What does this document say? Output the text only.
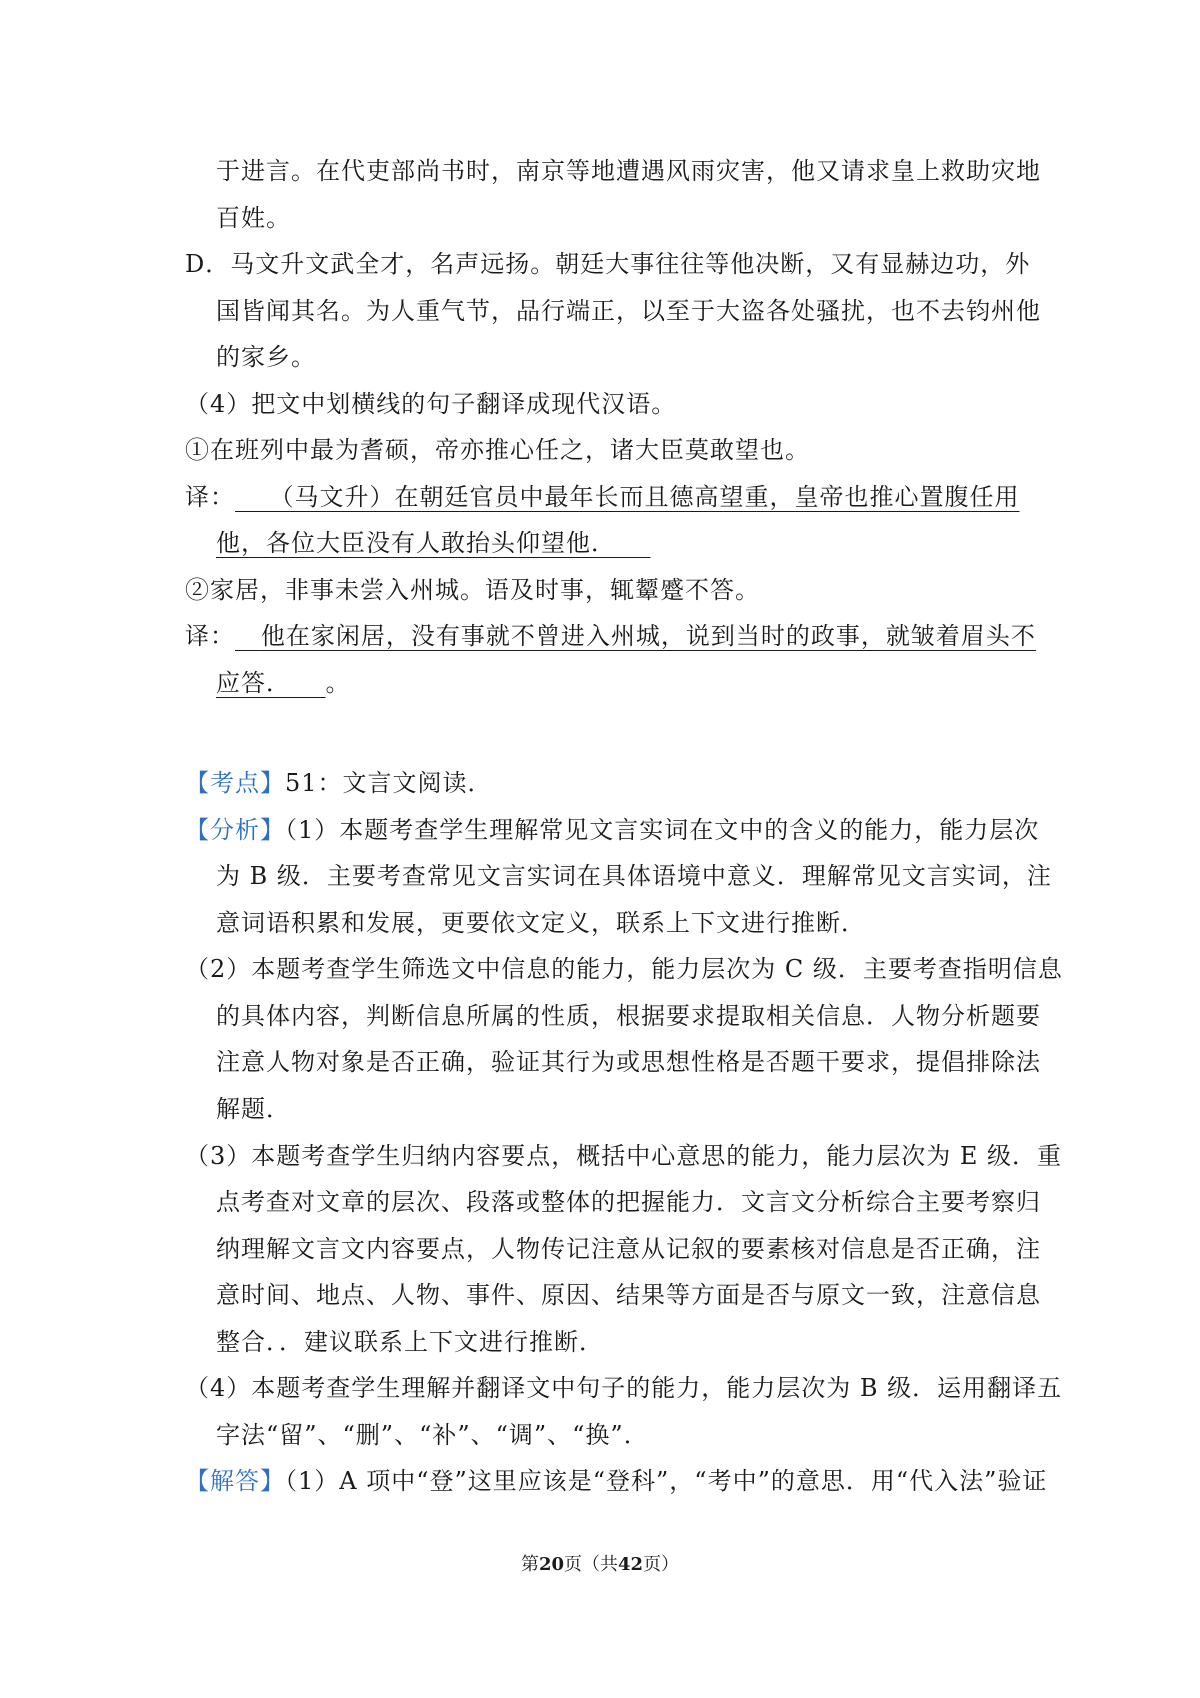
于进言。在代吏部尚书时，南京等地遭遇风雨灾害，他又请求皇上救助灾地
百姓。
D．马文升文武全才，名声远扬。朝廷大事往往等他决断，又有显赫边功，外
国皆闻其名。为人重气节，品行端正，以至于大盗各处骚扰，也不去钧州他
的家乡。
（4）把文中划横线的句子翻译成现代汉语。
①在班列中最为耆硕，帝亦推心任之，诸大臣莫敢望也。
译： （马文升）在朝廷官员中最年长而且德高望重，皇帝也推心置腹任用
他，各位大臣没有人敢抬头仰望他．
②家居，非事未尝入州城。语及时事，辄颦蹙不答。
译： 他在家闲居，没有事就不曾进入州城，说到当时的政事，就皱着眉头不
应答． 。
【考点】51：文言文阅读．
【分析】（1）本题考查学生理解常见文言实词在文中的含义的能力，能力层次
为 B 级．主要考查常见文言实词在具体语境中意义．理解常见文言实词，注
意词语积累和发展，更要依文定义，联系上下文进行推断．
（2）本题考查学生筛选文中信息的能力，能力层次为 C 级．主要考查指明信息
的具体内容，判断信息所属的性质，根据要求提取相关信息．人物分析题要
注意人物对象是否正确，验证其行为或思想性格是否题干要求，提倡排除法
解题．
（3）本题考查学生归纳内容要点，概括中心意思的能力，能力层次为 E 级．重
点考查对文章的层次、段落或整体的把握能力．文言文分析综合主要考察归
纳理解文言文内容要点，人物传记注意从记叙的要素核对信息是否正确，注
意时间、地点、人物、事件、原因、结果等方面是否与原文一致，注意信息
整合．．建议联系上下文进行推断．
（4）本题考查学生理解并翻译文中句子的能力，能力层次为 B 级．运用翻译五
字法“留”、“删”、“补”、“调”、“换”．
【解答】（1）A 项中“登”这里应该是“登科”，“考中”的意思．用“代入法”验证
第20页（共42页）
